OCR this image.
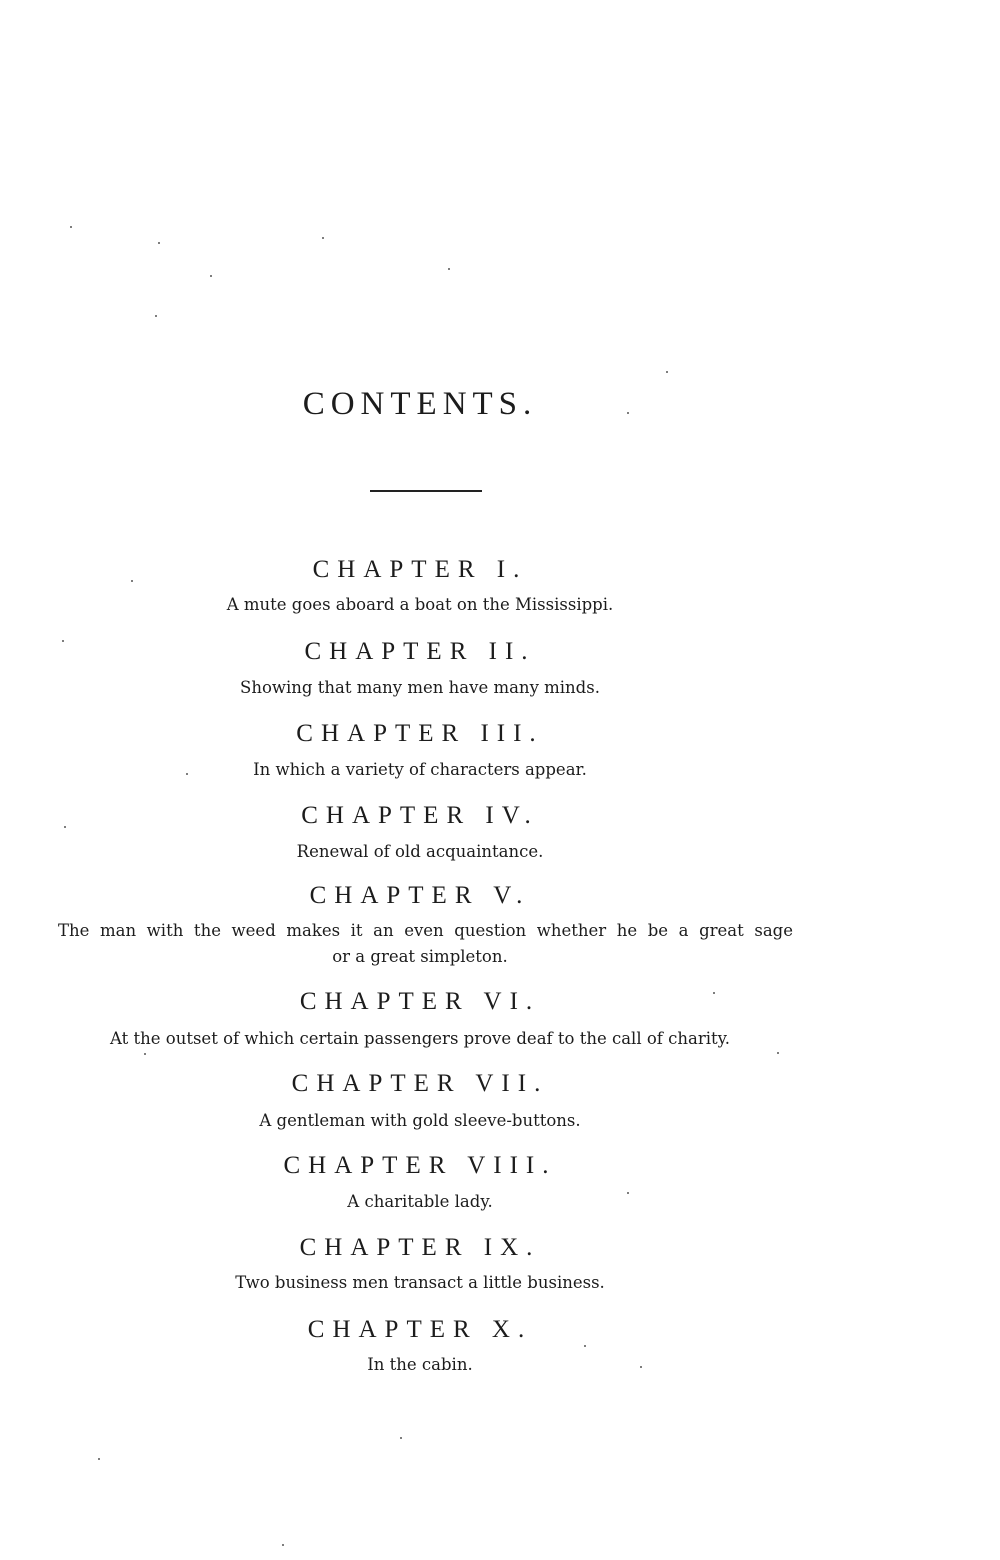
CONTENTS.
CHAPTER I.
A mute goes aboard a boat on the Mississippi.
CHAPTER II.
Showing that many men have many minds.
CHAPTER III.
In which a variety of characters appear.
CHAPTER IV.
Renewal of old acquaintance.
CHAPTER V.
The man with the weed makes it an even question whether he be a great sage
or a great simpleton.
CHAPTER VI.
At the outset of which certain passengers prove deaf to the call of charity.
CHAPTER VII.
A gentleman with gold sleeve-buttons.
CHAPTER VIII.
A charitable lady.
CHAPTER IX.
Two business men transact a little business.
CHAPTER X.
In the cabin.
